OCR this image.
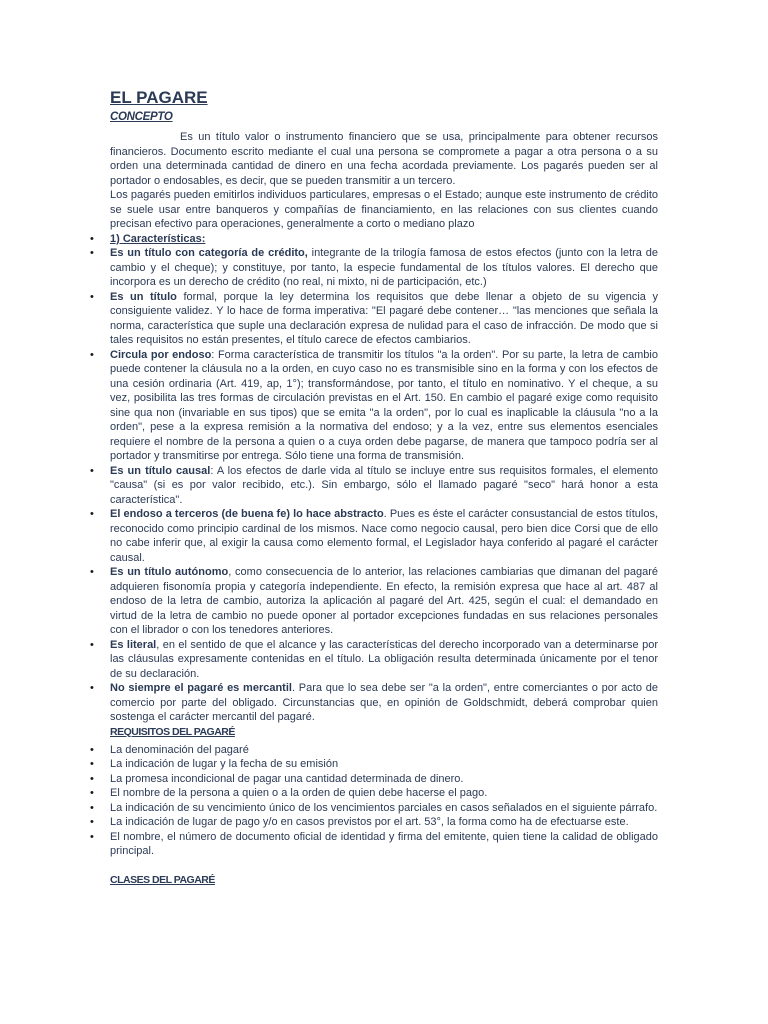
EL PAGARE
CONCEPTO

Es un título valor o instrumento financiero que se usa, principalmente para obtener recursos financieros. Documento escrito mediante el cual una persona se compromete a pagar a otra persona o a su orden una determinada cantidad de dinero en una fecha acordada previamente. Los pagarés pueden ser al portador o endosables, es decir, que se pueden transmitir a un tercero.

Los pagarés pueden emitirlos individuos particulares, empresas o el Estado; aunque este instrumento de crédito se suele usar entre banqueros y compañías de financiamiento, en las relaciones con sus clientes cuando precisan efectivo para operaciones, generalmente a corto o mediano plazo

• 1) Características:
• Es un título con categoría de crédito, integrante de la trilogía famosa de estos efectos (junto con la letra de cambio y el cheque); y constituye, por tanto, la especie fundamental de los títulos valores. El derecho que incorpora es un derecho de crédito (no real, ni mixto, ni de participación, etc.)
• Es un título formal, porque la ley determina los requisitos que debe llenar a objeto de su vigencia y consiguiente validez. Y lo hace de forma imperativa: "El pagaré debe contener… "las menciones que señala la norma, característica que suple una declaración expresa de nulidad para el caso de infracción. De modo que si tales requisitos no están presentes, el título carece de efectos cambiarios.
• Circula por endoso: Forma característica de transmitir los títulos "a la orden". Por su parte, la letra de cambio puede contener la cláusula no a la orden, en cuyo caso no es transmisible sino en la forma y con los efectos de una cesión ordinaria (Art. 419, ap, 1°); transformándose, por tanto, el título en nominativo. Y el cheque, a su vez, posibilita las tres formas de circulación previstas en el Art. 150. En cambio el pagaré exige como requisito sine qua non (invariable en sus tipos) que se emita "a la orden", por lo cual es inaplicable la cláusula "no a la orden", pese a la expresa remisión a la normativa del endoso; y a la vez, entre sus elementos esenciales requiere el nombre de la persona a quien o a cuya orden debe pagarse, de manera que tampoco podría ser al portador y transmitirse por entrega. Sólo tiene una forma de transmisión.
• Es un título causal: A los efectos de darle vida al título se incluye entre sus requisitos formales, el elemento "causa" (si es por valor recibido, etc.). Sin embargo, sólo el llamado pagaré "seco" hará honor a esta característica".
• El endoso a terceros (de buena fe) lo hace abstracto. Pues es éste el carácter consustancial de estos títulos, reconocido como principio cardinal de los mismos. Nace como negocio causal, pero bien dice Corsi que de ello no cabe inferir que, al exigir la causa como elemento formal, el Legislador haya conferido al pagaré el carácter causal.
• Es un título autónomo, como consecuencia de lo anterior, las relaciones cambiarias que dimanan del pagaré adquieren fisonomía propia y categoría independiente. En efecto, la remisión expresa que hace al art. 487 al endoso de la letra de cambio, autoriza la aplicación al pagaré del Art. 425, según el cual: el demandado en virtud de la letra de cambio no puede oponer al portador excepciones fundadas en sus relaciones personales con el librador o con los tenedores anteriores.
• Es literal, en el sentido de que el alcance y las características del derecho incorporado van a determinarse por las cláusulas expresamente contenidas en el título. La obligación resulta determinada únicamente por el tenor de su declaración.
• No siempre el pagaré es mercantil. Para que lo sea debe ser "a la orden", entre comerciantes o por acto de comercio por parte del obligado. Circunstancias que, en opinión de Goldschmidt, deberá comprobar quien sostenga el carácter mercantil del pagaré.
REQUISITOS DEL PAGARÉ
• La denominación del pagaré
• La indicación de lugar y la fecha de su emisión
• La promesa incondicional de pagar una cantidad determinada de dinero.
• El nombre de la persona a quien o a la orden de quien debe hacerse el pago.
• La indicación de su vencimiento único de los vencimientos parciales en casos señalados en el siguiente párrafo.
• La indicación de lugar de pago y/o en casos previstos por el art. 53°, la forma como ha de efectuarse este.
• El nombre, el número de documento oficial de identidad y firma del emitente, quien tiene la calidad de obligado principal.
CLASES DEL PAGARÉ
